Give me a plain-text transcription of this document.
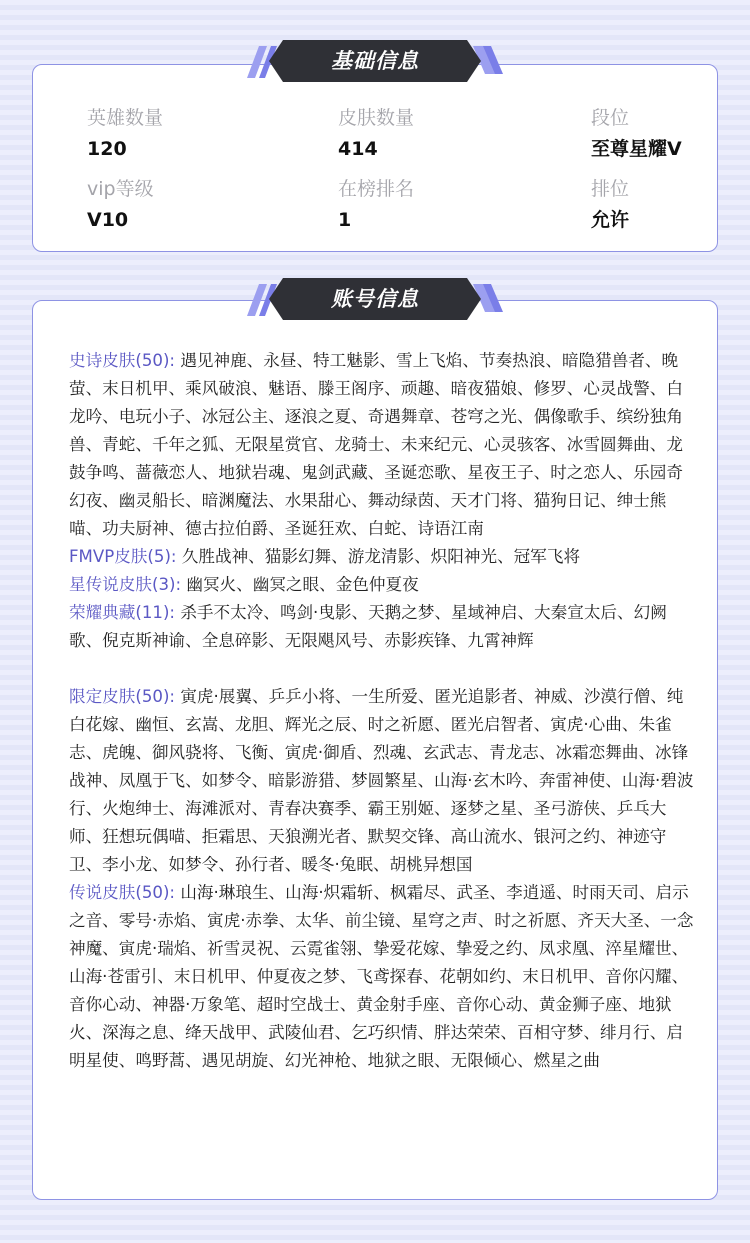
基础信息
英雄数量
120
皮肤数量
414
段位
至尊星耀V
vip等级
V10
在榜排名
1
排位
允许
账号信息
史诗皮肤(50): 遇见神鹿、永昼、特工魅影、雪上飞焰、节奏热浪、暗隐猎兽者、晚萤、末日机甲、乘风破浪、魅语、滕王阁序、顽趣、暗夜猫娘、修罗、心灵战警、白龙吟、电玩小子、冰冠公主、逐浪之夏、奇遇舞章、苍穹之光、偶像歌手、缤纷独角兽、青蛇、千年之狐、无限星赏官、龙骑士、未来纪元、心灵骇客、冰雪圆舞曲、龙鼓争鸣、蔷薇恋人、地狱岩魂、鬼剑武藏、圣诞恋歌、星夜王子、时之恋人、乐园奇幻夜、幽灵船长、暗渊魔法、水果甜心、舞动绿茵、天才门将、猫狗日记、绅士熊喵、功夫厨神、德古拉伯爵、圣诞狂欢、白蛇、诗语江南
FMVP皮肤(5): 久胜战神、猫影幻舞、游龙清影、炽阳神光、冠军飞将
星传说皮肤(3): 幽冥火、幽冥之眼、金色仲夏夜
荣耀典藏(11): 杀手不太冷、鸣剑·曳影、天鹅之梦、星域神启、大秦宣太后、幻阙歌、倪克斯神谕、全息碎影、无限飓风号、赤影疾锋、九霄神辉
限定皮肤(50): 寅虎·展翼、乒乒小将、一生所爱、匿光追影者、神威、沙漠行僧、纯白花嫁、幽恒、玄嵩、龙胆、辉光之辰、时之祈愿、匿光启智者、寅虎·心曲、朱雀志、虎魄、御风骁将、飞衡、寅虎·御盾、烈魂、玄武志、青龙志、冰霜恋舞曲、冰锋战神、凤凰于飞、如梦令、暗影游猎、梦圆繁星、山海·玄木吟、奔雷神使、山海·碧波行、火炮绅士、海滩派对、青春决赛季、霸王别姬、逐梦之星、圣弓游侠、乒乓大师、狂想玩偶喵、拒霜思、天狼溯光者、默契交锋、高山流水、银河之约、神迹守卫、李小龙、如梦令、孙行者、暖冬·兔眠、胡桃异想国
传说皮肤(50): 山海·琳琅生、山海·炽霜斩、枫霜尽、武圣、李逍遥、时雨天司、启示之音、零号·赤焰、寅虎·赤拳、太华、前尘镜、星穹之声、时之祈愿、齐天大圣、一念神魔、寅虎·瑞焰、祈雪灵祝、云霓雀翎、挚爱花嫁、挚爱之约、凤求凰、淬星耀世、山海·苍雷引、末日机甲、仲夏夜之梦、飞鸢探春、花朝如约、末日机甲、音你闪耀、音你心动、神器·万象笔、超时空战士、黄金射手座、音你心动、黄金狮子座、地狱火、深海之息、绛天战甲、武陵仙君、乞巧织情、胖达荣荣、百相守梦、绯月行、启明星使、鸣野蒿、遇见胡旋、幻光神枪、地狱之眼、无限倾心、燃星之曲
